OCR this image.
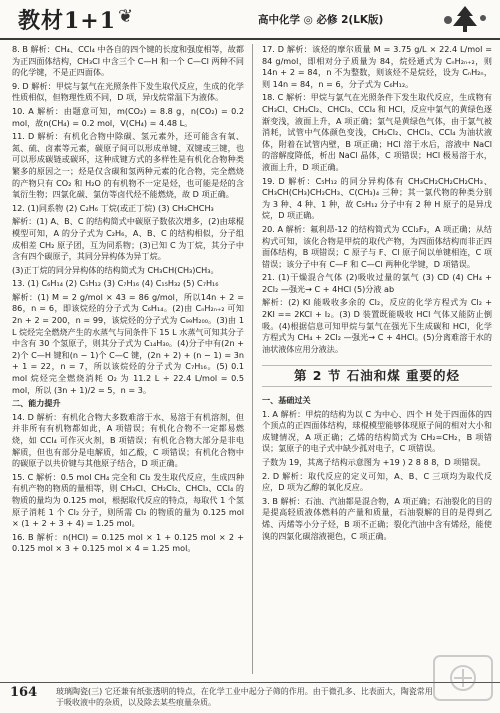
教材1+1 ❦	高中化学 ◎ 必修 2(LK版)

8. B 解析：CH₄、CCl₄ 中各自的四个键的长度和强度相等，故都为正四面体结构，CH₃Cl 中含三个 C—H 和一个 C—Cl 两种不同的化学键，不是正四面体。

9. D 解析：甲烷与氯气在光照条件下发生取代反应，生成的化学性质相似，但物理性质不同，D 项，异戊烷常温下为液体。

10. A 解析：由题意可知，m(CO₂) = 8.8 g，n(CO₂) = 0.2 mol，故n(CH₄) = 0.2 mol，V(CH₄) = 4.48 L。

11. D 解析：有机化合物中除碳、氢元素外，还可能含有氧、氮、硫、卤素等元素，碳原子间可以形成单键、双键或三键，也可以形成碳链或碳环，这种成键方式的多样性是有机化合物种类繁多的原因之一；烃是仅含碳和氢两种元素的化合物，完全燃烧的产物只有 CO₂ 和 H₂O 的有机物不一定是烃，也可能是烃的含氧衍生物；四氯化碳、氯仿等卤代烃不能燃烧，故 D 项正确。

12. (1)同系物 (2) C₂H₆ 丁烷(或正丁烷) (3) CH₃CHCH₃

解析：(1) A、B、C 的结构简式中碳原子数依次增多，(2)由球棍模型可知，A 的分子式为 C₂H₆，A、B、C 的结构相似，分子组成相差 CH₂ 原子团，互为同系物；(3)已知 C 为丁烷，其分子中含有四个碳原子，其同分异构体为异丁烷。

(3)正丁烷的同分异构体的结构简式为 CH₃CH(CH₃)CH₃。

13. (1) C₆H₁₄ (2) C₅H₁₂ (3) C₇H₁₆ (4) C₁₅H₃₂ (5) C₇H₁₆

解析：(1) M = 2 g/mol × 43 = 86 g/mol，所以14n + 2 = 86，n = 6，即该烷烃的分子式为 C₆H₁₄。(2)由 CₙH₂ₙ₊₂ 可知 2n + 2 = 200，n = 99，该烷烃的分子式为 C₉₉H₂₀₀。(3)由 1 L 烷烃完全燃烧产生的水蒸气与同条件下 15 L 水蒸气可知其分子中含有 30 个氢原子，则其分子式为 C₁₄H₃₀。(4)分子中有(2n + 2)个 C—H 键和(n − 1)个 C—C 键，(2n + 2) + (n − 1) = 3n + 1 = 22，n = 7，所以该烷烃的分子式为 C₇H₁₆。(5) 0.1 mol 烷烃完全燃烧消耗 O₂ 为 11.2 L ÷ 22.4 L/mol = 0.5 mol，所以 (3n + 1)/2 = 5，n = 3。

二、能力提升

14. D 解析：有机化合物大多数难溶于水、易溶于有机溶剂，但并非所有有机物都如此，A 项错误；有机化合物不一定都易燃烧，如 CCl₄ 可作灭火剂，B 项错误；有机化合物大部分是非电解质，但也有部分是电解质，如乙酸，C 项错误；有机化合物中的碳原子以共价键与其他原子结合，D 项正确。

15. C 解析：0.5 mol CH₄ 完全和 Cl₂ 发生取代反应，生成四种有机产物的物质的量相等，则 CH₃Cl、CH₂Cl₂、CHCl₃、CCl₄ 的物质的量均为 0.125 mol，根据取代反应的特点，每取代 1 个氢原子消耗 1 个 Cl₂ 分子，则所需 Cl₂ 的物质的量为 0.125 mol × (1 + 2 + 3 + 4) = 1.25 mol。

16. B 解析：n(HCl) = 0.125 mol × 1 + 0.125 mol × 2 + 0.125 mol × 3 + 0.125 mol × 4 = 1.25 mol。

17. D 解析：该烃的摩尔质量 M = 3.75 g/L × 22.4 L/mol = 84 g/mol，即相对分子质量为 84，烷烃通式为 CₙH₂ₙ₊₂，则 14n + 2 = 84，n 不为整数，则该烃不是烷烃，设为 CₙH₂ₙ，则 14n = 84，n = 6，分子式为 C₆H₁₂。

18. C 解析：甲烷与氯气在光照条件下发生取代反应，生成物有 CH₃Cl、CH₂Cl₂、CHCl₃、CCl₄ 和 HCl，反应中氯气的黄绿色逐渐变浅，液面上升，A 项正确；氯气是黄绿色气体，由于氯气被消耗，试管中气体颜色变浅，CH₂Cl₂、CHCl₃、CCl₄ 为油状液体，附着在试管内壁，B 项正确；HCl 溶于水后，溶液中 NaCl 的溶解度降低，析出 NaCl 晶体，C 项错误；HCl 极易溶于水，液面上升，D 项正确。

19. D 解析：C₅H₁₂ 的同分异构体有 CH₃CH₂CH₂CH₂CH₃、CH₃CH(CH₃)CH₂CH₃、C(CH₃)₄ 三种；其一氯代物的种类分别为 3 种、4 种、1 种，故 C₅H₁₂ 分子中有 2 种 H 原子的是异戊烷，D 项正确。

20. A 解析：氟利昂-12 的结构简式为 CCl₂F₂，A 项正确；从结构式可知，该化合物是甲烷的取代产物，为四面体结构而非正四面体结构，B 项错误；C 原子与 F、Cl 原子间以单键相连，C 项错误；该分子中有 C—F 和 C—Cl 两种化学键，D 项错误。

21. (1)干燥混合气体 (2)吸收过量的氯气 (3) CD (4) CH₄ + 2Cl₂ —强光→ C + 4HCl (5)分液 ab

解析：(2) KI 能吸收多余的 Cl₂，反应的化学方程式为 Cl₂ + 2KI == 2KCl + I₂。(3) D 装置既能吸收 HCl 气体又能防止倒吸。(4)根据信息可知甲烷与氯气在强光下生成碳和 HCl，化学方程式为 CH₄ + 2Cl₂ —强光→ C + 4HCl。(5)分离难溶于水的油状液体应用分液法。

第 2 节 石油和煤 重要的烃

一、基础过关

1. A 解析：甲烷的结构为以 C 为中心、四个 H 处于四面体的四个顶点的正四面体结构，球棍模型能够体现原子间的相对大小和成键情况，A 项正确；乙烯的结构简式为 CH₂=CH₂，B 项错误；氯原子的电子式中缺少孤对电子，C 项错误。

子数为 19，其离子结构示意图为 +19 ) 2 8 8 8，D 项错误。

2. D 解析：取代反应的定义可知，A、B、C 三项均为取代反应，D 项为乙醇的氧化反应。

3. B 解析：石油、汽油都是混合物，A 项正确；石油裂化的目的是提高轻质液体燃料的产量和质量，石油裂解的目的是得到乙烯、丙烯等小分子烃，B 项不正确；裂化汽油中含有烯烃，能使溴的四氯化碳溶液褪色，C 项正确。

164 玻璃陶瓷(三) 它还兼有纸张透明的特点，在化学工业中起分子筛的作用。由于微孔多、比表面大，陶瓷常用于吸收液中的杂质，以及除去某些痕量杂质。
